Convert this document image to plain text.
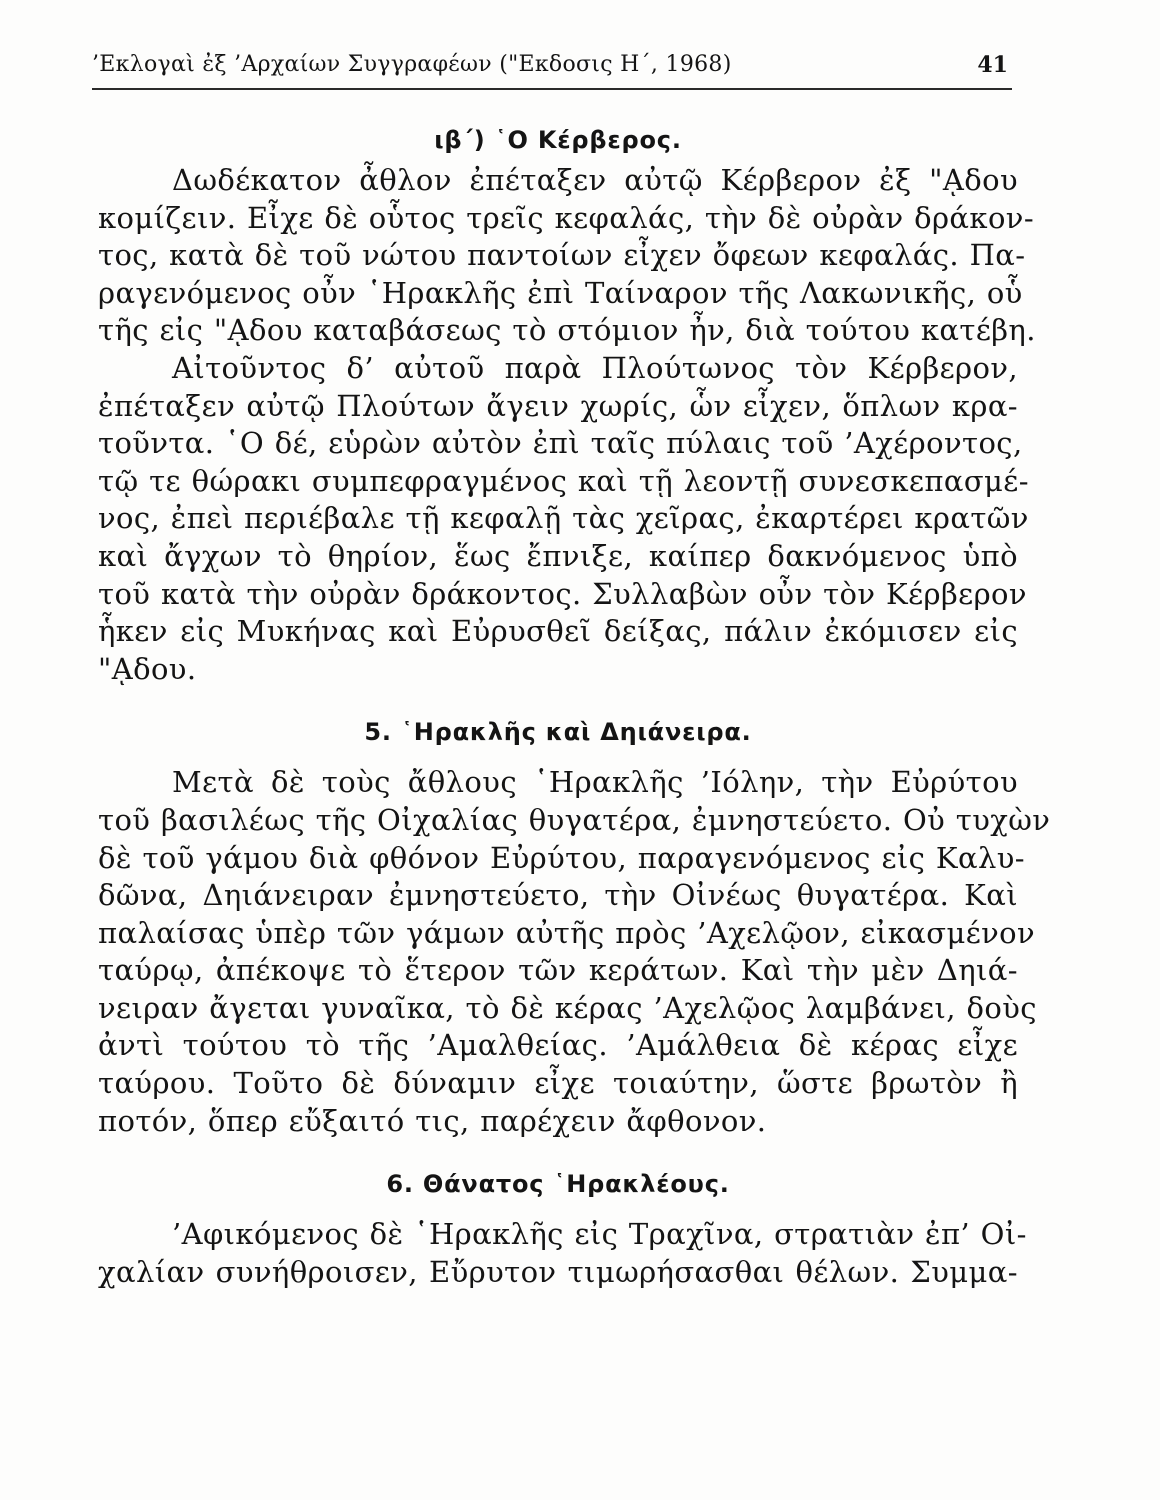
’Εκλογαὶ ἐξ ’Αρχαίων Συγγραφέων ("Εκδοσις Η΄, 1968)	41
ιβ΄) ῾Ο Κέρβερος.

Δωδέκατον ἆθλον ἐπέταξεν αὐτῷ Κέρβερον ἐξ "ᾼδου
κομίζειν. Εἶχε δὲ οὗτος τρεῖς κεφαλάς, τὴν δὲ οὐρὰν δράκον-
τος, κατὰ δὲ τοῦ νώτου παντοίων εἶχεν ὄφεων κεφαλάς. Πα-
ραγενόμενος οὖν ῾Ηρακλῆς ἐπὶ Ταίναρον τῆς Λακωνικῆς, οὗ
τῆς εἰς "ᾼδου καταβάσεως τὸ στόμιον ἦν, διὰ τούτου κατέβη.

Αἰτοῦντος δ’ αὐτοῦ παρὰ Πλούτωνος τὸν Κέρβερον,
ἐπέταξεν αὐτῷ Πλούτων ἄγειν χωρίς, ὧν εἶχεν, ὅπλων κρα-
τοῦντα. ῾Ο δέ, εὑρὼν αὐτὸν ἐπὶ ταῖς πύλαις τοῦ ’Αχέροντος,
τῷ τε θώρακι συμπεφραγμένος καὶ τῇ λεοντῇ συνεσκεπασμέ-
νος, ἐπεὶ περιέβαλε τῇ κεφαλῇ τὰς χεῖρας, ἐκαρτέρει κρατῶν
καὶ ἄγχων τὸ θηρίον, ἕως ἔπνιξε, καίπερ δακνόμενος ὑπὸ
τοῦ κατὰ τὴν οὐρὰν δράκοντος. Συλλαβὼν οὖν τὸν Κέρβερον
ἧκεν εἰς Μυκήνας καὶ Εὐρυσθεῖ δείξας, πάλιν ἐκόμισεν εἰς
"ᾼδου.

5. ῾Ηρακλῆς καὶ Δηιάνειρα.

Μετὰ δὲ τοὺς ἄθλους ῾Ηρακλῆς ’Ιόλην, τὴν Εὐρύτου
τοῦ βασιλέως τῆς Οἰχαλίας θυγατέρα, ἐμνηστεύετο. Οὐ τυχὼν
δὲ τοῦ γάμου διὰ φθόνον Εὐρύτου, παραγενόμενος εἰς Καλυ-
δῶνα, Δηιάνειραν ἐμνηστεύετο, τὴν Οἰνέως θυγατέρα. Καὶ
παλαίσας ὑπὲρ τῶν γάμων αὐτῆς πρὸς ’Αχελῷον, εἰκασμένον
ταύρῳ, ἀπέκοψε τὸ ἕτερον τῶν κεράτων. Καὶ τὴν μὲν Δηιά-
νειραν ἄγεται γυναῖκα, τὸ δὲ κέρας ’Αχελῷος λαμβάνει, δοὺς
ἀντὶ τούτου τὸ τῆς ’Αμαλθείας. ’Αμάλθεια δὲ κέρας εἶχε
ταύρου. Τοῦτο δὲ δύναμιν εἶχε τοιαύτην, ὥστε βρωτὸν ἢ
ποτόν, ὅπερ εὔξαιτό τις, παρέχειν ἄφθονον.

6. Θάνατος ῾Ηρακλέους.

’Αφικόμενος δὲ ῾Ηρακλῆς εἰς Τραχῖνα, στρατιὰν ἐπ’ Οἰ-
χαλίαν συνήθροισεν, Εὔρυτον τιμωρήσασθαι θέλων. Συμμα-
